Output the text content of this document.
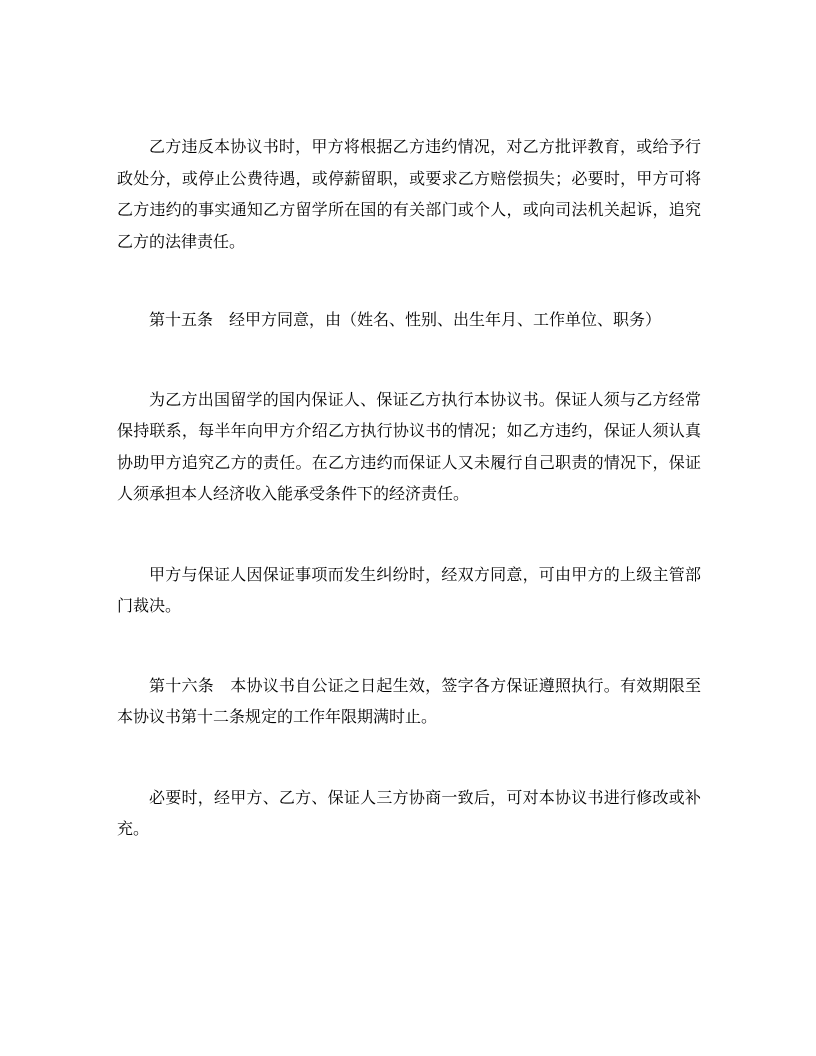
乙方违反本协议书时，甲方将根据乙方违约情况，对乙方批评教育，或给予行政处分，或停止公费待遇，或停薪留职，或要求乙方赔偿损失；必要时，甲方可将乙方违约的事实通知乙方留学所在国的有关部门或个人，或向司法机关起诉，追究乙方的法律责任。

第十五条 经甲方同意，由（姓名、性别、出生年月、工作单位、职务）

为乙方出国留学的国内保证人、保证乙方执行本协议书。保证人须与乙方经常保持联系，每半年向甲方介绍乙方执行协议书的情况；如乙方违约，保证人须认真协助甲方追究乙方的责任。在乙方违约而保证人又未履行自己职责的情况下，保证人须承担本人经济收入能承受条件下的经济责任。

甲方与保证人因保证事项而发生纠纷时，经双方同意，可由甲方的上级主管部门裁决。

第十六条 本协议书自公证之日起生效，签字各方保证遵照执行。有效期限至本协议书第十二条规定的工作年限期满时止。

必要时，经甲方、乙方、保证人三方协商一致后，可对本协议书进行修改或补充。
